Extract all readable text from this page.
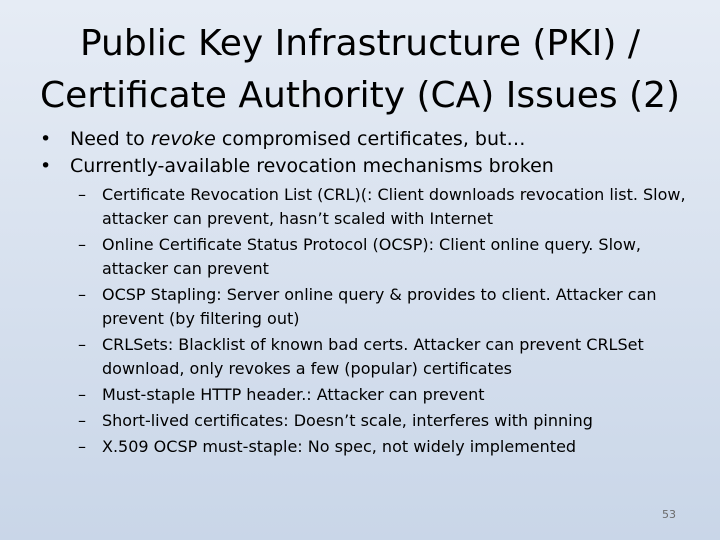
Public Key Infrastructure (PKI) /
Certificate Authority (CA) Issues (2)
• Need to revoke compromised certificates, but…
• Currently-available revocation mechanisms broken
– Certificate Revocation List (CRL)(: Client downloads revocation list. Slow, attacker can prevent, hasn’t scaled with Internet
– Online Certificate Status Protocol (OCSP): Client online query. Slow, attacker can prevent
– OCSP Stapling: Server online query & provides to client. Attacker can prevent (by filtering out)
– CRLSets: Blacklist of known bad certs. Attacker can prevent CRLSet download, only revokes a few (popular) certificates
– Must-staple HTTP header.: Attacker can prevent
– Short-lived certificates: Doesn’t scale, interferes with pinning
– X.509 OCSP must-staple: No spec, not widely implemented
53
